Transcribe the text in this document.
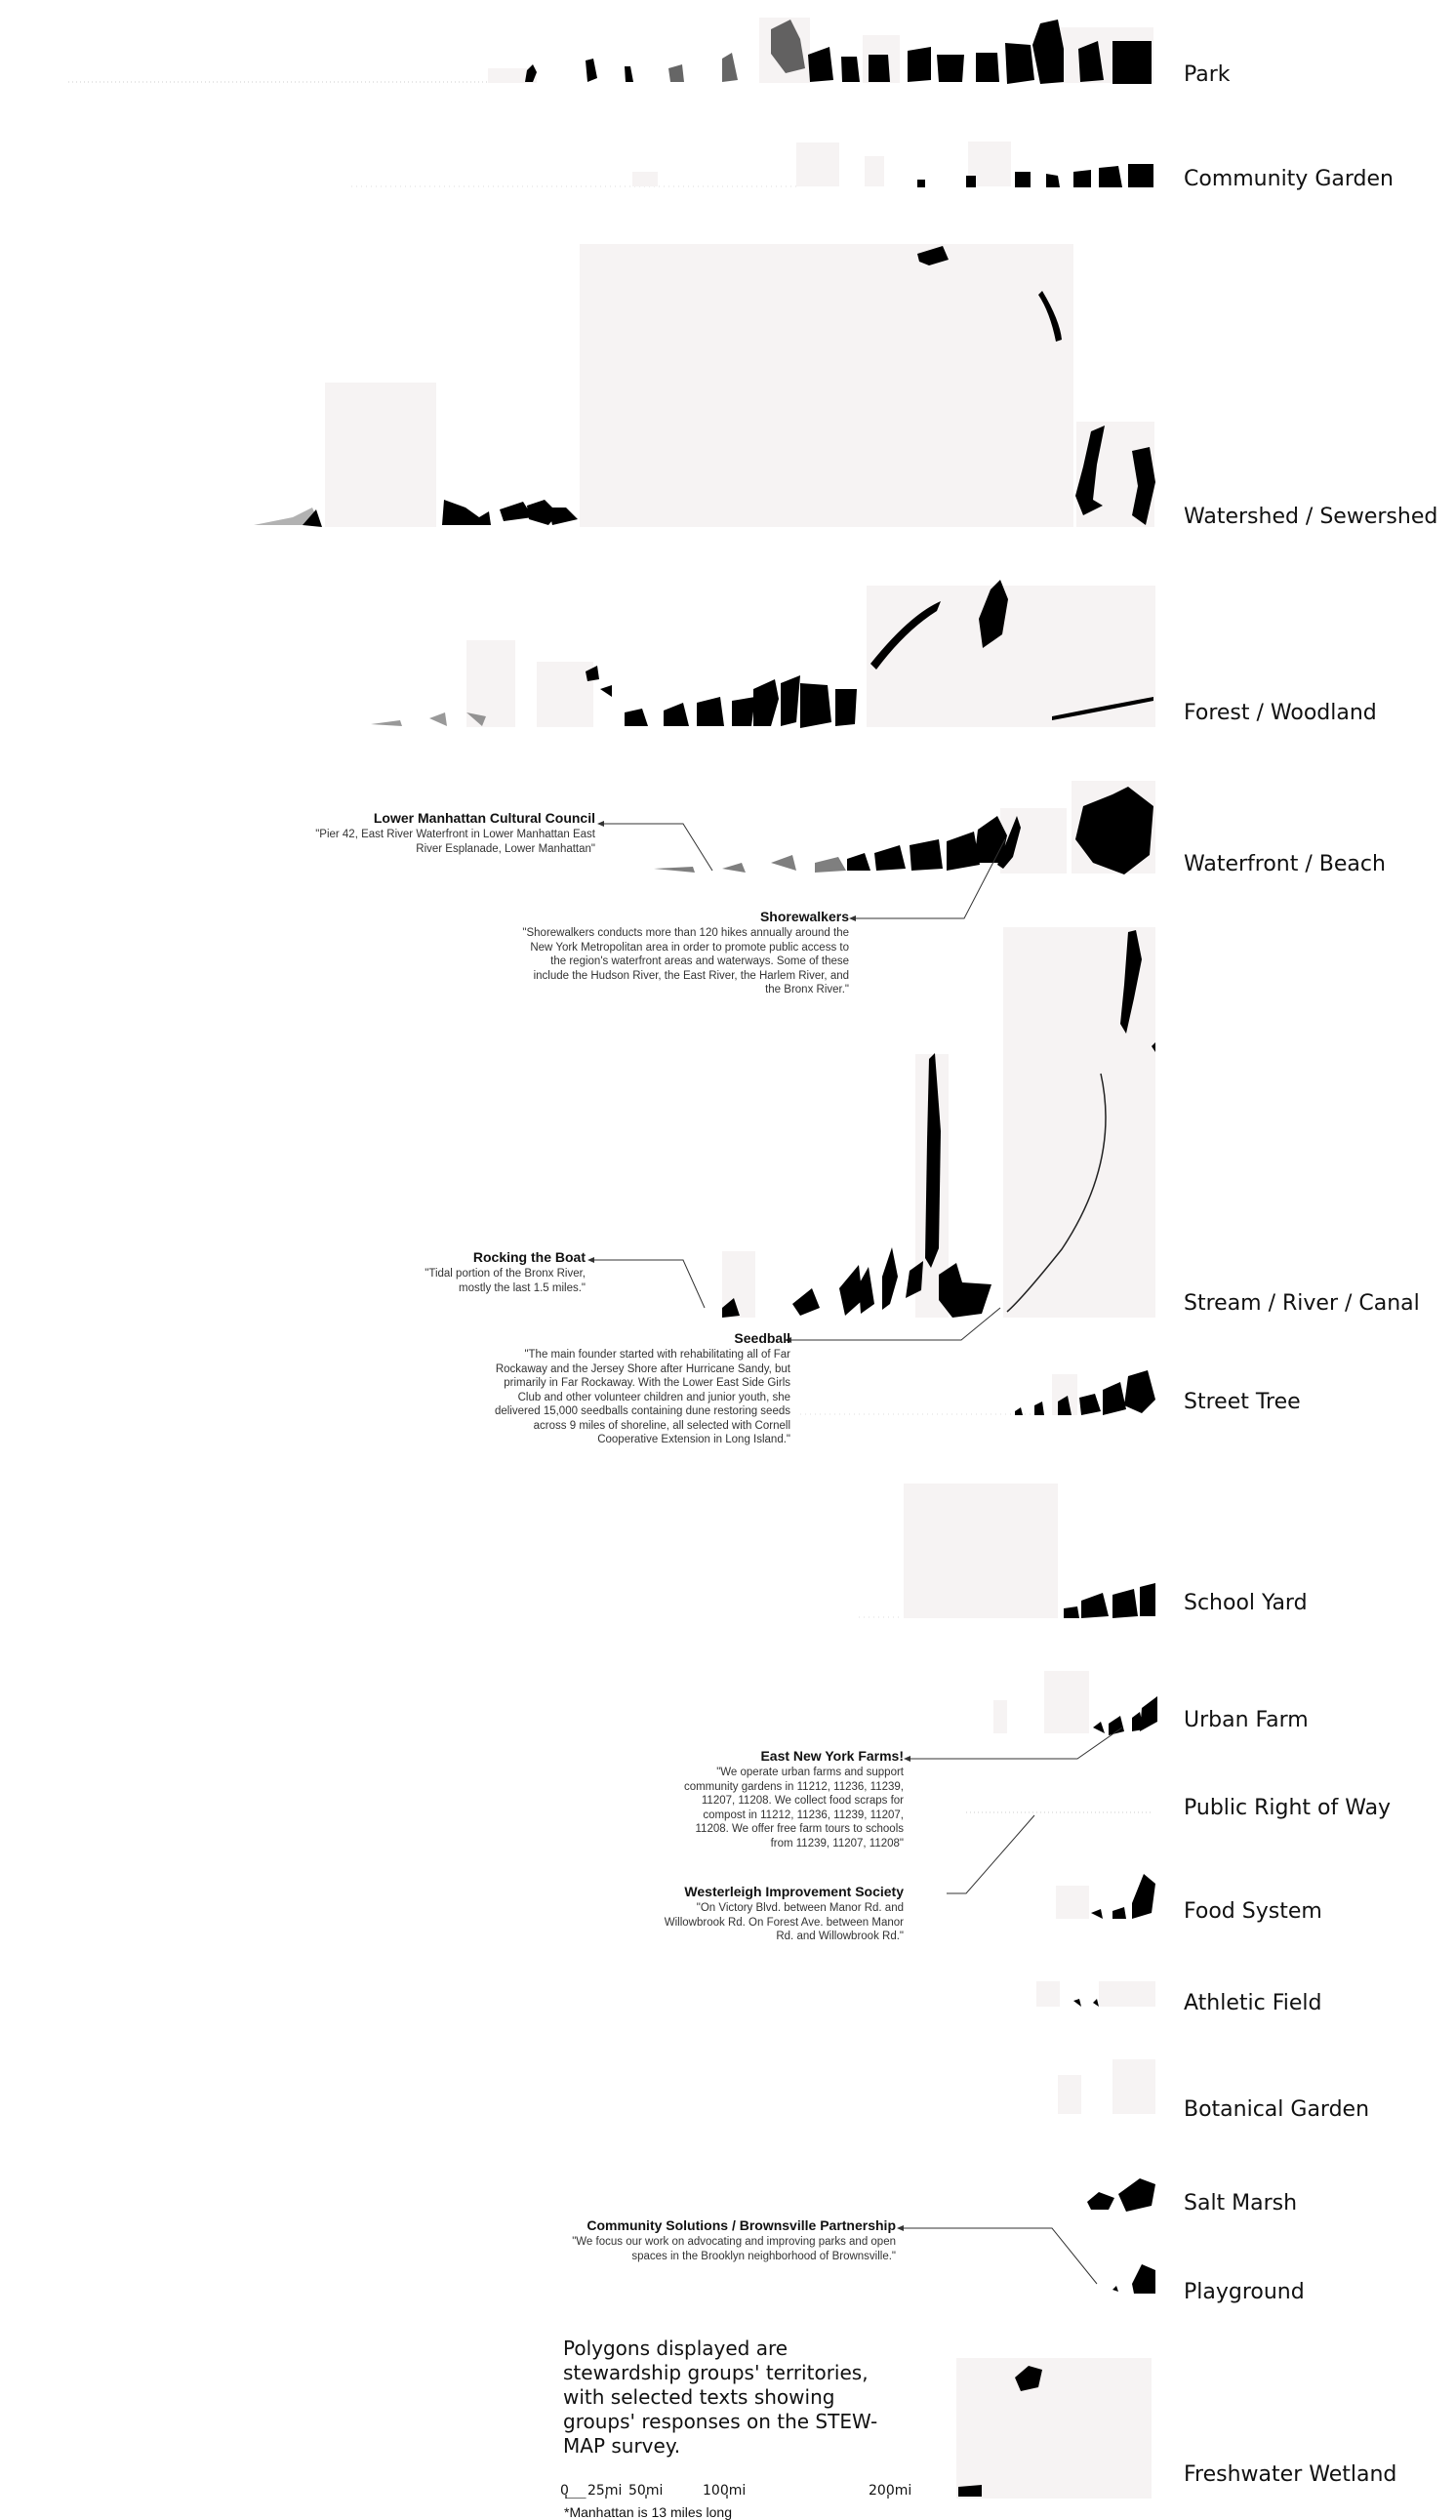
Park
Community Garden
Watershed / Sewershed
Forest / Woodland
Waterfront / Beach
Stream / River / Canal
Street Tree
School Yard
Urban Farm
Public Right of Way
Food System
Athletic Field
Botanical Garden
Salt Marsh
Playground
Freshwater Wetland
Lower Manhattan Cultural Council
"Pier 42, East River Waterfront in Lower Manhattan East River Esplanade, Lower Manhattan"
Shorewalkers
"Shorewalkers conducts more than 120 hikes annually around the New York Metropolitan area in order to promote public access to the region's waterfront areas and waterways. Some of these include the Hudson River, the East River, the Harlem River, and the Bronx River."
Rocking the Boat
"Tidal portion of the Bronx River, mostly the last 1.5 miles."
Seedball
"The main founder started with rehabilitating all of Far Rockaway and the Jersey Shore after Hurricane Sandy, but primarily in Far Rockaway. With the Lower East Side Girls Club and other volunteer children and junior youth, she delivered 15,000 seedballs containing dune restoring seeds across 9 miles of shoreline, all selected with Cornell Cooperative Extension in Long Island."
East New York Farms!
"We operate urban farms and support community gardens in 11212, 11236, 11239, 11207, 11208. We collect food scraps for compost in 11212, 11236, 11239, 11207, 11208. We offer free farm tours to schools from 11239, 11207, 11208"
Westerleigh Improvement Society
"On Victory Blvd. between Manor Rd. and Willowbrook Rd. On Forest Ave. between Manor Rd. and Willowbrook Rd."
Community Solutions / Brownsville Partnership
"We focus our work on advocating and improving parks and open spaces in the Brooklyn neighborhood of Brownsville."
Polygons displayed are stewardship groups' territories, with selected texts showing groups' responses on the STEW-MAP survey.
0 25mi 50mi	100mi	200mi
*Manhattan is 13 miles long
